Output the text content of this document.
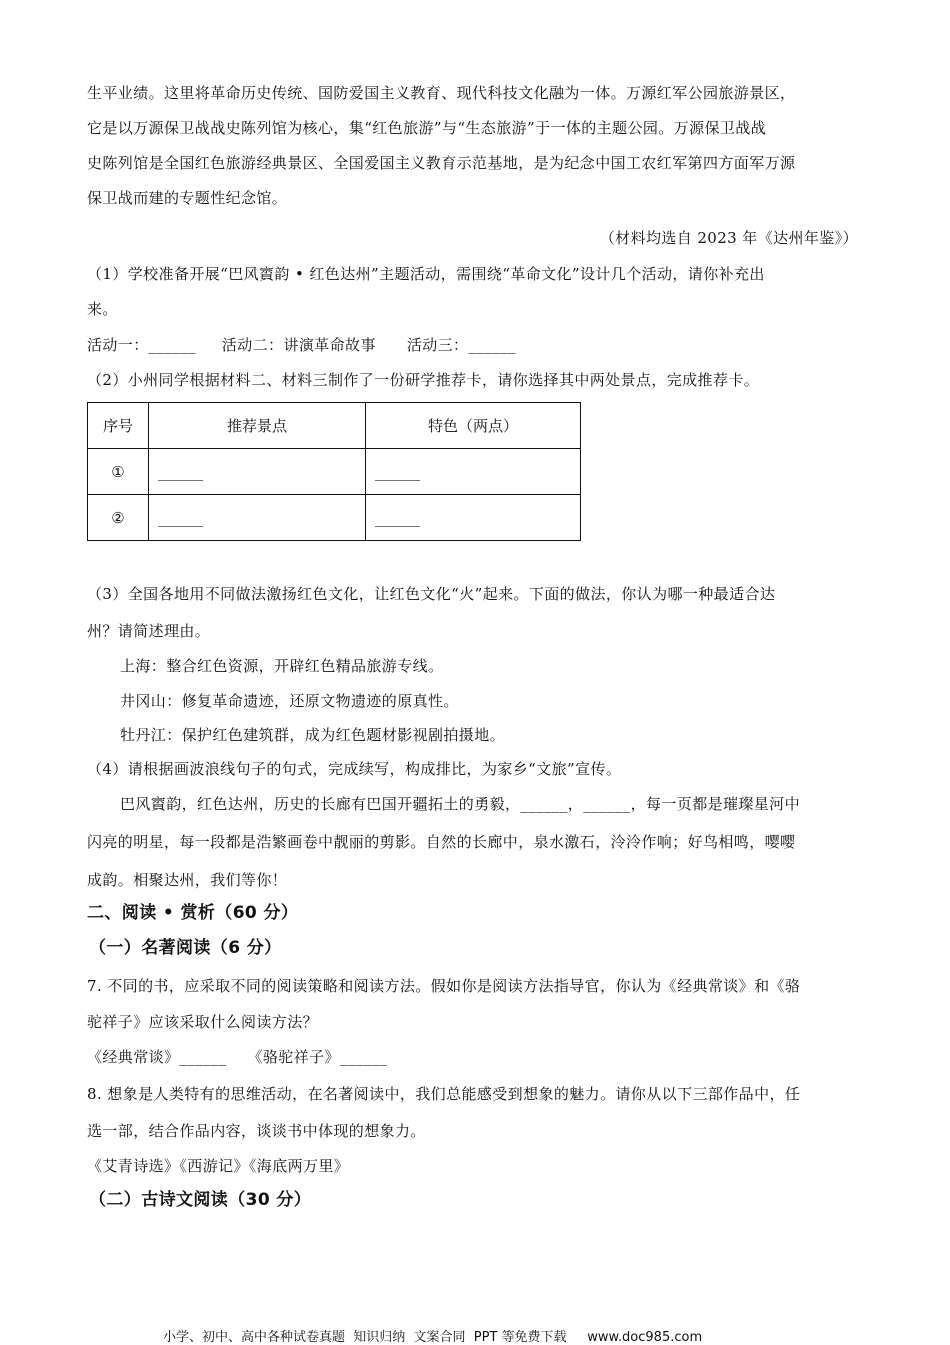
生平业绩。这里将革命历史传统、国防爱国主义教育、现代科技文化融为一体。万源红军公园旅游景区，
它是以万源保卫战战史陈列馆为核心，集“红色旅游”与“生态旅游”于一体的主题公园。万源保卫战战
史陈列馆是全国红色旅游经典景区、全国爱国主义教育示范基地，是为纪念中国工农红军第四方面军万源
保卫战而建的专题性纪念馆。
（材料均选自 2023 年《达州年鉴》）
（1）学校准备开展“巴风賨韵 • 红色达州”主题活动，需围绕“革命文化”设计几个活动，请你补充出
来。
活动一：______     活动二：讲演革命故事      活动三：______
（2）小州同学根据材料二、材料三制作了一份研学推荐卡，请你选择其中两处景点，完成推荐卡。
序号	推荐景点	特色（两点）
①	______	______
②	______	______
（3）全国各地用不同做法激扬红色文化，让红色文化“火”起来。下面的做法，你认为哪一种最适合达
州？请简述理由。
上海：整合红色资源，开辟红色精品旅游专线。
井冈山：修复革命遗迹，还原文物遗迹的原真性。
牡丹江：保护红色建筑群，成为红色题材影视剧拍摄地。
（4）请根据画波浪线句子的句式，完成续写，构成排比，为家乡“文旅”宣传。
巴风賨韵，红色达州，历史的长廊有巴国开疆拓土的勇毅，______，______，每一页都是璀璨星河中
闪亮的明星，每一段都是浩繁画卷中靓丽的剪影。自然的长廊中，泉水激石，泠泠作响；好鸟相鸣，嘤嘤
成韵。相聚达州，我们等你！
二、阅读 • 赏析（60 分）
（一）名著阅读（6 分）
7. 不同的书，应采取不同的阅读策略和阅读方法。假如你是阅读方法指导官，你认为《经典常谈》和《骆
驼祥子》应该采取什么阅读方法？
《经典常谈》______    《骆驼祥子》______
8. 想象是人类特有的思维活动，在名著阅读中，我们总能感受到想象的魅力。请你从以下三部作品中，任
选一部，结合作品内容，谈谈书中体现的想象力。
《艾青诗选》《西游记》《海底两万里》
（二）古诗文阅读（30 分）
小学、初中、高中各种试卷真题  知识归纳  文案合同  PPT 等免费下载     www.doc985.com
